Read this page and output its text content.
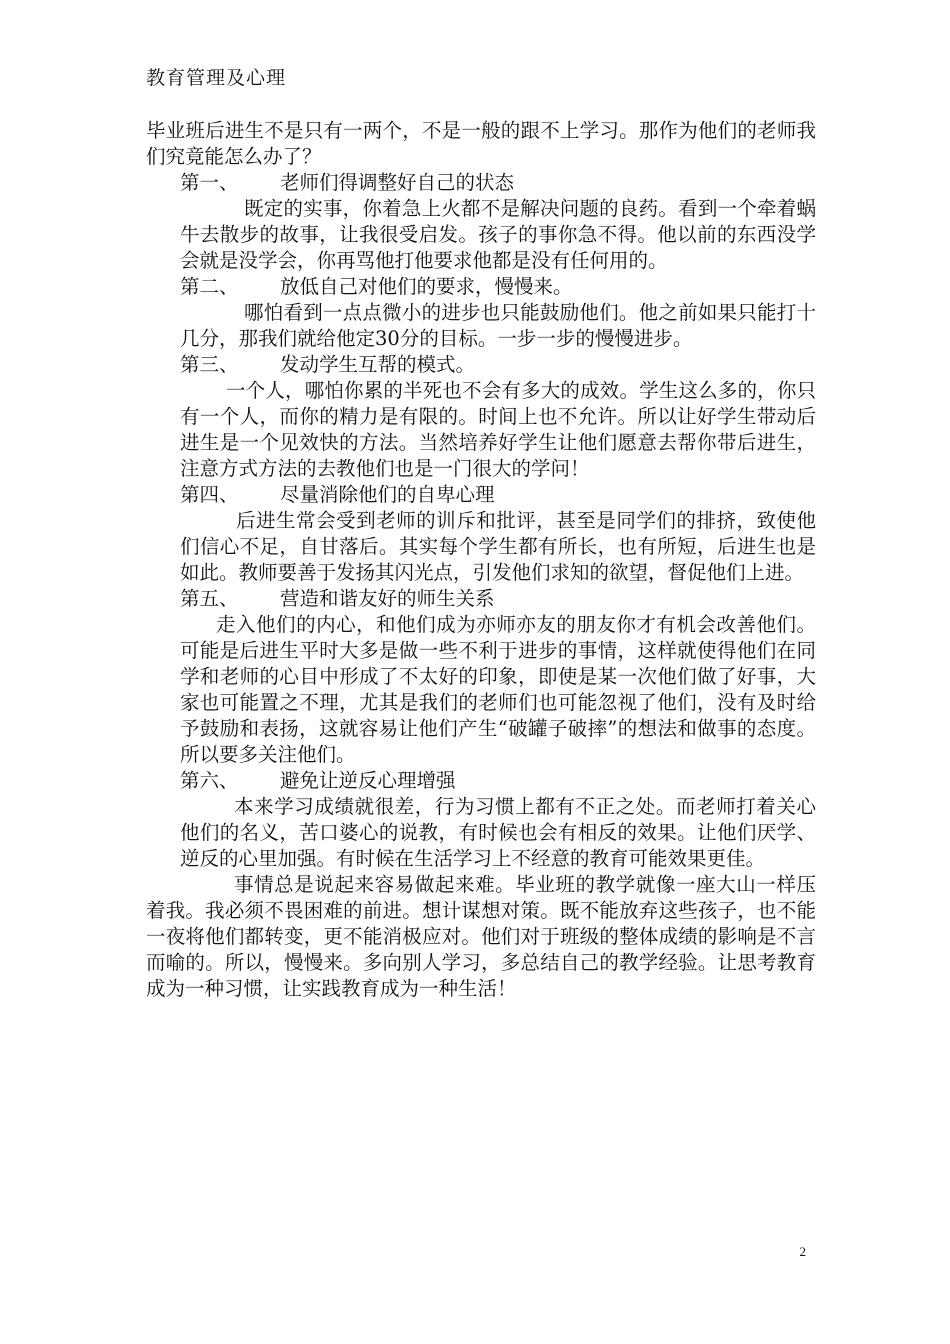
教育管理及心理

毕业班后进生不是只有一两个，不是一般的跟不上学习。那作为他们的老师我们究竟能怎么办了？

第一、 老师们得调整好自己的状态

既定的实事，你着急上火都不是解决问题的良药。看到一个牵着蜗牛去散步的故事，让我很受启发。孩子的事你急不得。他以前的东西没学会就是没学会，你再骂他打他要求他都是没有任何用的。

第二、 放低自己对他们的要求，慢慢来。

哪怕看到一点点微小的进步也只能鼓励他们。他之前如果只能打十几分，那我们就给他定30分的目标。一步一步的慢慢进步。

第三、 发动学生互帮的模式。

一个人，哪怕你累的半死也不会有多大的成效。学生这么多的，你只有一个人，而你的精力是有限的。时间上也不允许。所以让好学生带动后进生是一个见效快的方法。当然培养好学生让他们愿意去帮你带后进生，注意方式方法的去教他们也是一门很大的学问！

第四、 尽量消除他们的自卑心理

后进生常会受到老师的训斥和批评，甚至是同学们的排挤，致使他们信心不足，自甘落后。其实每个学生都有所长，也有所短，后进生也是如此。教师要善于发扬其闪光点，引发他们求知的欲望，督促他们上进。

第五、 营造和谐友好的师生关系

走入他们的内心，和他们成为亦师亦友的朋友你才有机会改善他们。可能是后进生平时大多是做一些不利于进步的事情，这样就使得他们在同学和老师的心目中形成了不太好的印象，即使是某一次他们做了好事，大家也可能置之不理，尤其是我们的老师们也可能忽视了他们，没有及时给予鼓励和表扬，这就容易让他们产生“破罐子破摔”的想法和做事的态度。所以要多关注他们。

第六、 避免让逆反心理增强

本来学习成绩就很差，行为习惯上都有不正之处。而老师打着关心他们的名义，苦口婆心的说教，有时候也会有相反的效果。让他们厌学、逆反的心里加强。有时候在生活学习上不经意的教育可能效果更佳。

事情总是说起来容易做起来难。毕业班的教学就像一座大山一样压着我。我必须不畏困难的前进。想计谋想对策。既不能放弃这些孩子，也不能一夜将他们都转变，更不能消极应对。他们对于班级的整体成绩的影响是不言而喻的。所以，慢慢来。多向别人学习，多总结自己的教学经验。让思考教育成为一种习惯，让实践教育成为一种生活！

2
